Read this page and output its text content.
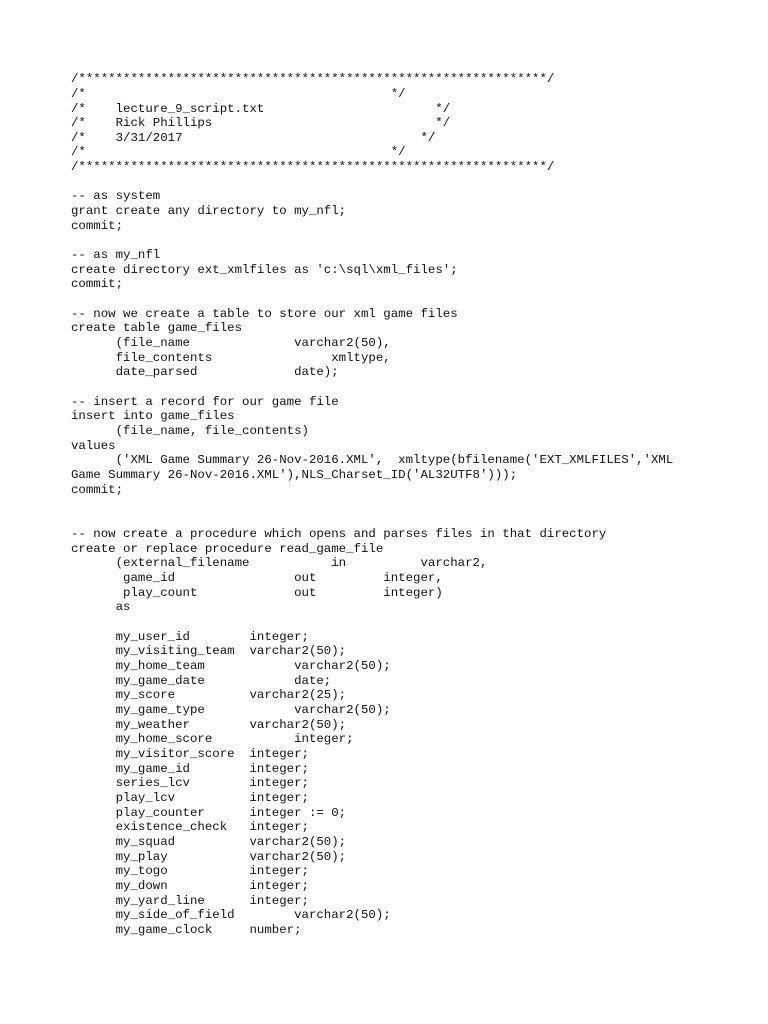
/***************************************************************/
/*                                         */
/*    lecture_9_script.txt                       */
/*    Rick Phillips                              */
/*    3/31/2017                                */
/*                                         */
/***************************************************************/
-- as system
grant create any directory to my_nfl;
commit;
-- as my_nfl
create directory ext_xmlfiles as 'c:\sql\xml_files';
commit;
-- now we create a table to store our xml game files
create table game_files
(file_name              varchar2(50),
file_contents                xmltype,
date_parsed             date);
-- insert a record for our game file
insert into game_files
(file_name, file_contents)
values
('XML Game Summary 26-Nov-2016.XML',  xmltype(bfilename('EXT_XMLFILES','XML
Game Summary 26-Nov-2016.XML'),NLS_Charset_ID('AL32UTF8')));
commit;
-- now create a procedure which opens and parses files in that directory
create or replace procedure read_game_file
(external_filename           in          varchar2,
game_id                out         integer,
play_count             out         integer)
as
my_user_id        integer;
my_visiting_team  varchar2(50);
my_home_team            varchar2(50);
my_game_date            date;
my_score          varchar2(25);
my_game_type            varchar2(50);
my_weather        varchar2(50);
my_home_score           integer;
my_visitor_score  integer;
my_game_id        integer;
series_lcv        integer;
play_lcv          integer;
play_counter      integer := 0;
existence_check   integer;
my_squad          varchar2(50);
my_play           varchar2(50);
my_togo           integer;
my_down           integer;
my_yard_line      integer;
my_side_of_field        varchar2(50);
my_game_clock     number;
